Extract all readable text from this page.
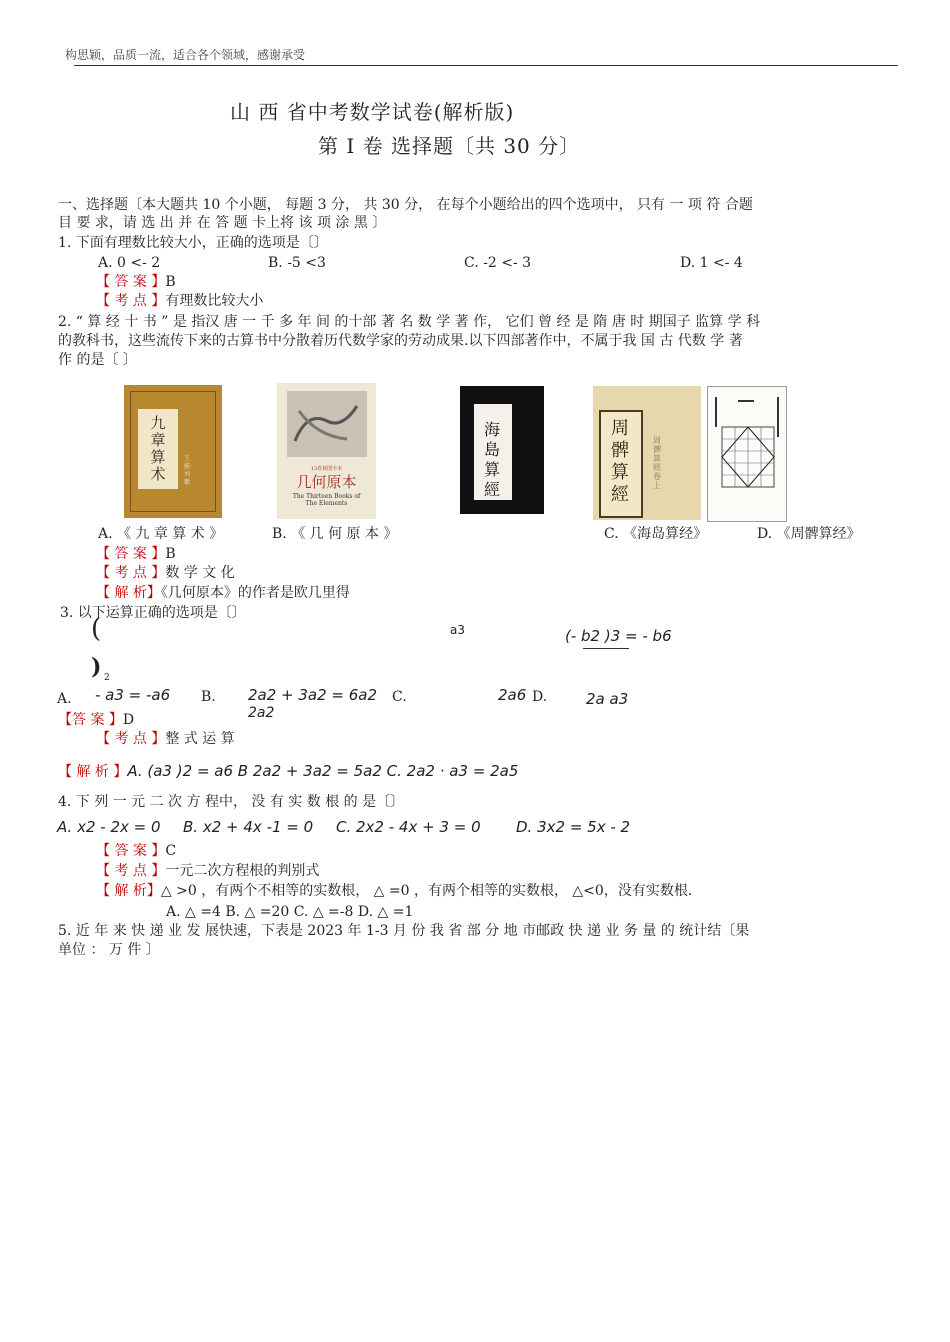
构思颖，品质一流，适合各个领域，感谢承受
山 西 省中考数学试卷(解析版)
第 I 卷 选择题〔共 30 分〕
一、选择题〔本大题共 10 个小题， 每题 3 分， 共 30 分， 在每个小题给出的四个选项中， 只有 一 项 符 合题
目 要 求，请 选 出 并 在 答 题 卡上将 该 项 涂 黑 〕
1. 下面有理数比较大小，正确的选项是〔〕
A. 0 <- 2	B. -5 <3	C. -2 <- 3	D. 1 <- 4
【 答 案 】B
【 考 点 】有理数比较大小
2. “ 算 经 十 书 ” 是 指汉 唐 一 千 多 年 间 的十部 著 名 数 学 著 作， 它们 曾 经 是 隋 唐 时 期国子 监算 学 科
的教科书，这些流传下来的古算书中分散着历代数学家的劳动成果.以下四部著作中，不属于我 国 古 代数 学 著
作 的是〔 〕
九章算术
王能·刘徽
13卷视图全本
几何原本
The Thirteen Books of
The Elements
海島算經
周髀算經
周髀算經卷上
A. 《 九 章 算 术 》	B. 《 几 何 原 本 》	C. 《海岛算经》	D. 《周髀算经》
【 答 案 】B
【 考 点 】数 学 文 化
【 解 析】《几何原本》的作者是欧几里得
3. 以下运算正确的选项是〔〕
(
) 2
a3	(- b2 )3 = - b6
A. - a3 = -a6 B. 2a2 + 3a2 = 6a2
2a2
C.	2a6 D.	2a a3
【答 案 】D
【 考 点 】整 式 运 算
【 解 析 】A. (a3 )2 = a6 B 2a2 + 3a2 = 5a2 C. 2a2 · a3 = 2a5
4. 下 列 一 元 二 次 方 程中， 没 有 实 数 根 的 是〔〕
A. x2 - 2x = 0 B. x2 + 4x -1 = 0 C. 2x2 - 4x + 3 = 0 D. 3x2 = 5x - 2
【 答 案 】C
【 考 点 】一元二次方程根的判别式
【 解 析】△ >0 ，有两个不相等的实数根， △ =0 ，有两个相等的实数根， △<0，没有实数根.
A. △ =4 B. △ =20 C. △ =-8 D. △ =1
5. 近 年 来 快 递 业 发 展快速，下表是 2023 年 1-3 月 份 我 省 部 分 地 市邮政 快 递 业 务 量 的 统计结〔果
单位 ： 万 件 〕
